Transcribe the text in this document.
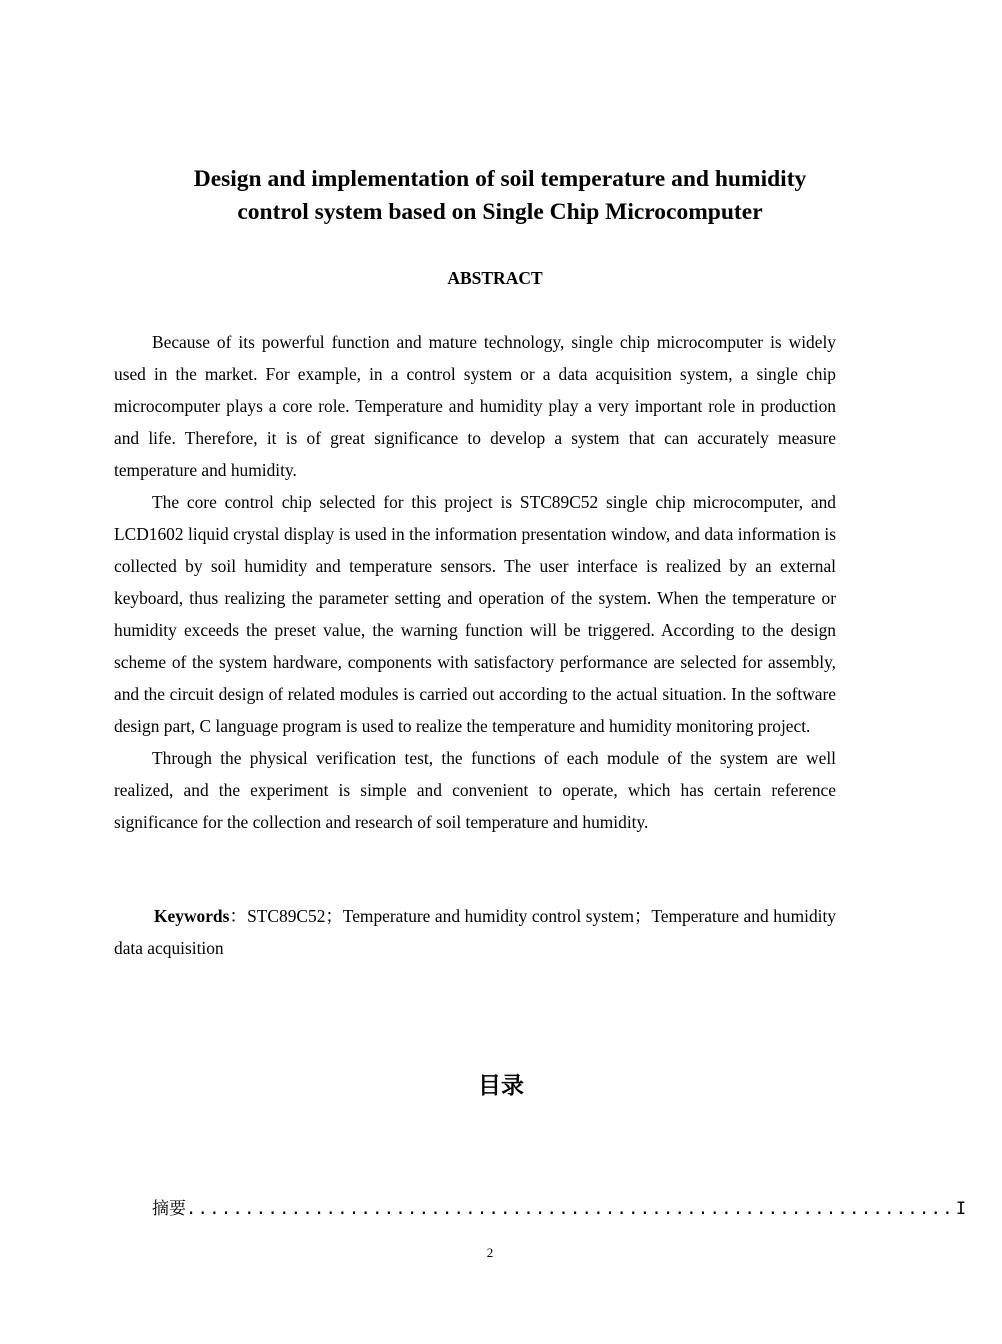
Design and implementation of soil temperature and humidity
control system based on Single Chip Microcomputer
ABSTRACT

Because of its powerful function and mature technology, single chip microcomputer is widely used in the market. For example, in a control system or a data acquisition system, a single chip microcomputer plays a core role. Temperature and humidity play a very important role in production and life. Therefore, it is of great significance to develop a system that can accurately measure temperature and humidity.

The core control chip selected for this project is STC89C52 single chip microcomputer, and LCD1602 liquid crystal display is used in the information presentation window, and data information is collected by soil humidity and temperature sensors. The user interface is realized by an external keyboard, thus realizing the parameter setting and operation of the system. When the temperature or humidity exceeds the preset value, the warning function will be triggered. According to the design scheme of the system hardware, components with satisfactory performance are selected for assembly, and the circuit design of related modules is carried out according to the actual situation. In the software design part, C language program is used to realize the temperature and humidity monitoring project.

Through the physical verification test, the functions of each module of the system are well realized, and the experiment is simple and convenient to operate, which has certain reference significance for the collection and research of soil temperature and humidity.

Keywords：STC89C52；Temperature and humidity control system；Temperature and humidity data acquisition

目录
摘要 .................................................................. I
2
